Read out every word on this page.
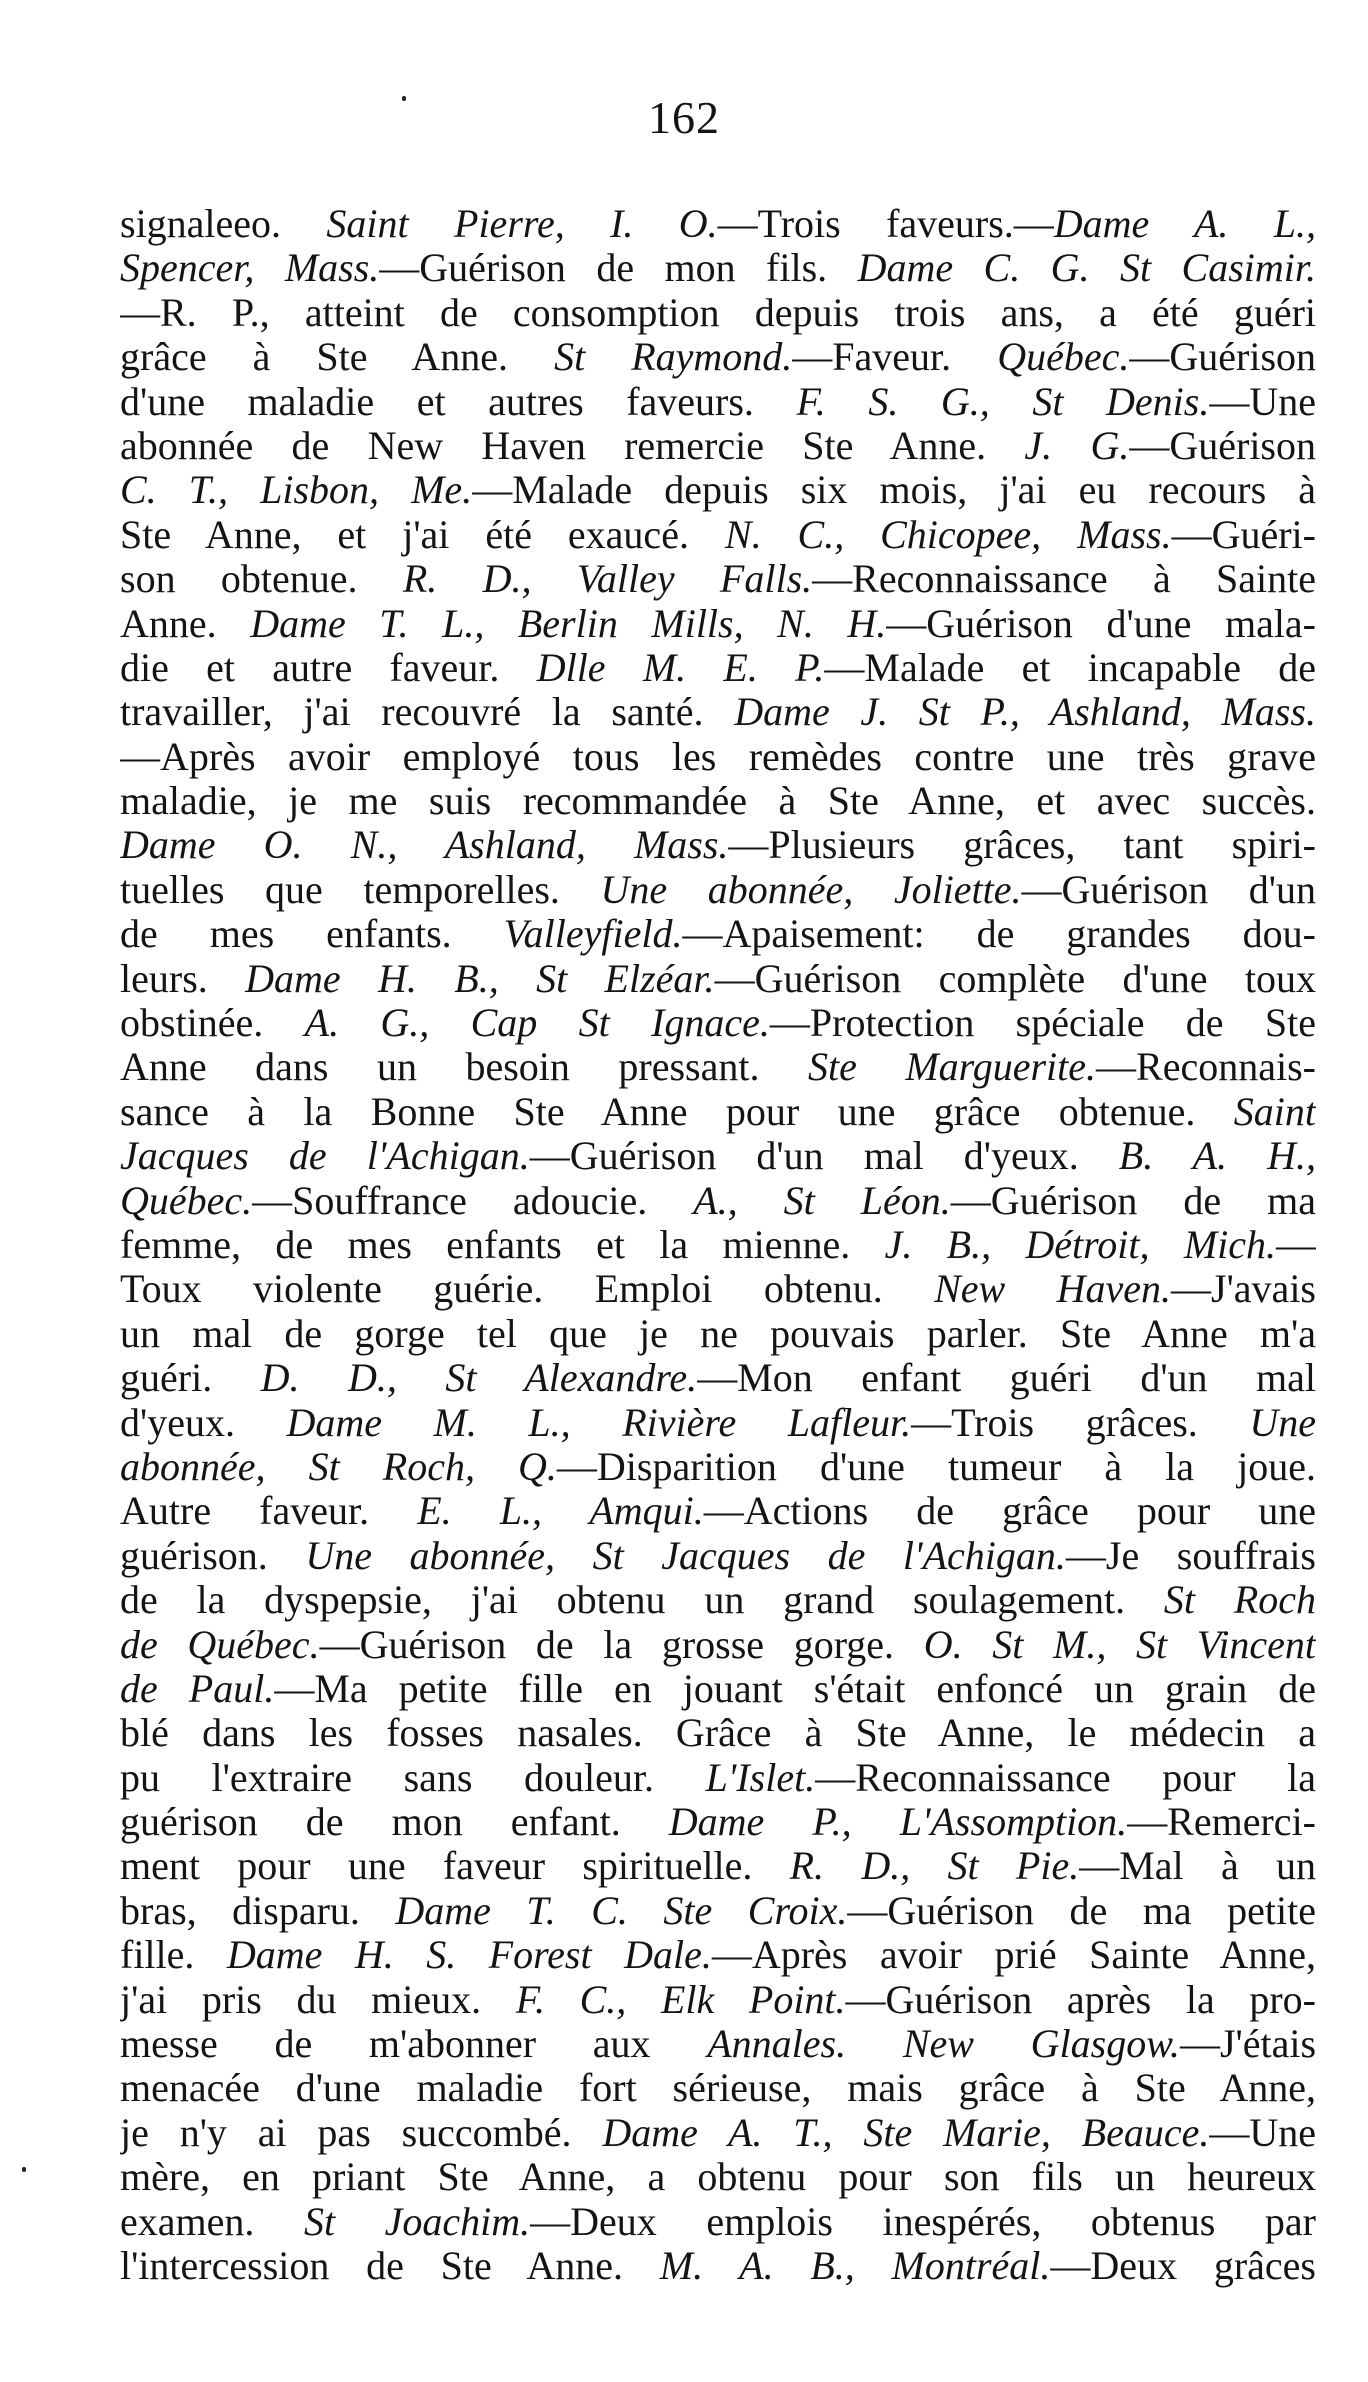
162
signaleeo. Saint Pierre, I. O.—Trois faveurs.—Dame A. L.,
Spencer, Mass.—Guérison de mon fils. Dame C. G. St Casimir.
—R. P., atteint de consomption depuis trois ans, a été guéri
grâce à Ste Anne. St Raymond.—Faveur. Québec.—Guérison
d'une maladie et autres faveurs. F. S. G., St Denis.—Une
abonnée de New Haven remercie Ste Anne. J. G.—Guérison
C. T., Lisbon, Me.—Malade depuis six mois, j'ai eu recours à
Ste Anne, et j'ai été exaucé. N. C., Chicopee, Mass.—Guéri-
son obtenue. R. D., Valley Falls.—Reconnaissance à Sainte
Anne. Dame T. L., Berlin Mills, N. H.—Guérison d'une mala-
die et autre faveur. Dlle M. E. P.—Malade et incapable de
travailler, j'ai recouvré la santé. Dame J. St P., Ashland, Mass.
—Après avoir employé tous les remèdes contre une très grave
maladie, je me suis recommandée à Ste Anne, et avec succès.
Dame O. N., Ashland, Mass.—Plusieurs grâces, tant spiri-
tuelles que temporelles. Une abonnée, Joliette.—Guérison d'un
de mes enfants. Valleyfield.—Apaisement: de grandes dou-
leurs. Dame H. B., St Elzéar.—Guérison complète d'une toux
obstinée. A. G., Cap St Ignace.—Protection spéciale de Ste
Anne dans un besoin pressant. Ste Marguerite.—Reconnais-
sance à la Bonne Ste Anne pour une grâce obtenue. Saint
Jacques de l'Achigan.—Guérison d'un mal d'yeux. B. A. H.,
Québec.—Souffrance adoucie. A., St Léon.—Guérison de ma
femme, de mes enfants et la mienne. J. B., Détroit, Mich.—
Toux violente guérie. Emploi obtenu. New Haven.—J'avais
un mal de gorge tel que je ne pouvais parler. Ste Anne m'a
guéri. D. D., St Alexandre.—Mon enfant guéri d'un mal
d'yeux. Dame M. L., Rivière Lafleur.—Trois grâces. Une
abonnée, St Roch, Q.—Disparition d'une tumeur à la joue.
Autre faveur. E. L., Amqui.—Actions de grâce pour une
guérison. Une abonnée, St Jacques de l'Achigan.—Je souffrais
de la dyspepsie, j'ai obtenu un grand soulagement. St Roch
de Québec.—Guérison de la grosse gorge. O. St M., St Vincent
de Paul.—Ma petite fille en jouant s'était enfoncé un grain de
blé dans les fosses nasales. Grâce à Ste Anne, le médecin a
pu l'extraire sans douleur. L'Islet.—Reconnaissance pour la
guérison de mon enfant. Dame P., L'Assomption.—Remerci-
ment pour une faveur spirituelle. R. D., St Pie.—Mal à un
bras, disparu. Dame T. C. Ste Croix.—Guérison de ma petite
fille. Dame H. S. Forest Dale.—Après avoir prié Sainte Anne,
j'ai pris du mieux. F. C., Elk Point.—Guérison après la pro-
messe de m'abonner aux Annales. New Glasgow.—J'étais
menacée d'une maladie fort sérieuse, mais grâce à Ste Anne,
je n'y ai pas succombé. Dame A. T., Ste Marie, Beauce.—Une
mère, en priant Ste Anne, a obtenu pour son fils un heureux
examen. St Joachim.—Deux emplois inespérés, obtenus par
l'intercession de Ste Anne. M. A. B., Montréal.—Deux grâces
